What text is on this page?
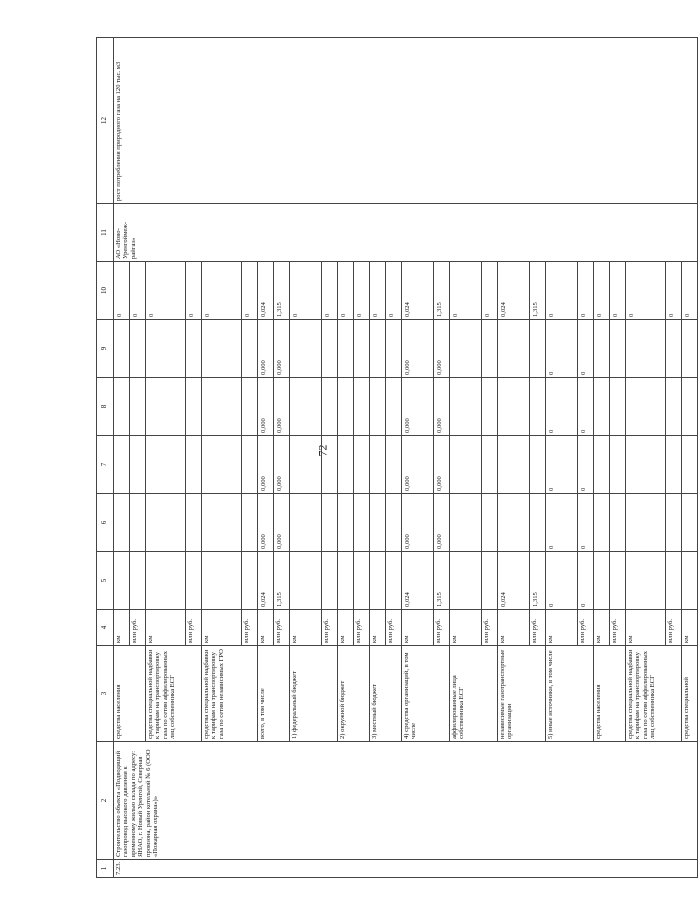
72
1	2	3	4	5	6	7	8	9	10	11	12
7.23.	Строительство объекта «Подводящий газопровод высокого давления к временному жилью склада по адресу: ЯНАО, г. Новый Уренгой, Северная промзона, район котельной № 6 (ООО «Пожарная охрана»)»	средства населения	км						0	АО «Ново-Уренгоймеж-райгаз»	рост потребления природного газа на 120 тыс. м3
			млн руб.						0		
		средства специальной надбавки к тарифам на транспортировку газа по сетям аффилированных лиц собственника ЕСГ	км						0		
			млн руб.						0		
		средства специальной надбавки к тарифам на транспортировку газа по сетям независимых ГРО	км						0		
			млн руб.						0		
		всего, в том числе	км	0,024	0,000	0,000	0,000	0,000	0,024		
			млн руб.	1,315	0,000	0,000	0,000	0,000	1,315		
		1) федеральный бюджет	км						0		
			млн руб.						0		
		2) окружной бюджет	км						0		
			млн руб.						0		
		3) местный бюджет	км						0		
			млн руб.						0		
		4) средства организаций, в том числе	км	0,024	0,000	0,000	0,000	0,000	0,024		
			млн руб.	1,315	0,000	0,000	0,000	0,000	1,315		
		аффилированные лица собственника ЕСГ	км						0		
			млн руб.						0		
		независимые газотранспортные организации	км	0,024					0,024		
			млн руб.	1,315					1,315		
		5) иные источники, в том числе	км	0	0	0	0	0	0		
			млн руб.	0	0	0	0	0	0		
		средства населения	км						0		
			млн руб.						0		
		средства специальной надбавки к тарифам на транспортировку газа по сетям аффилированных лиц собственника ЕСГ	км						0		
			млн руб.						0		
		средства специальной	км						0		
